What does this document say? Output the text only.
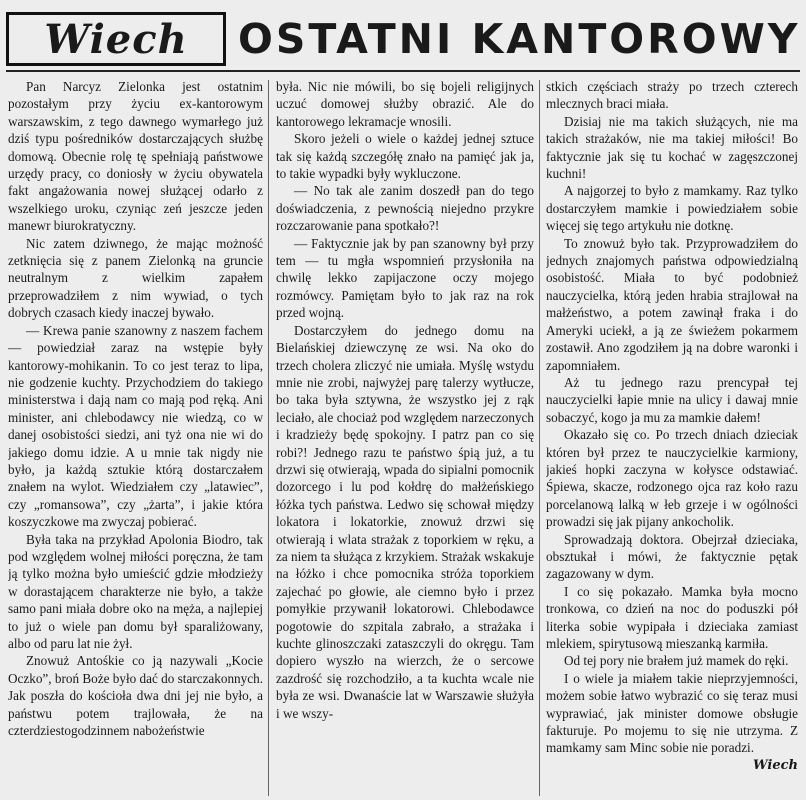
Wiech	OSTATNI KANTOROWY

Pan Narcyz Zielonka jest ostatnim pozostałym przy życiu ex-kantorowym warszawskim, z tego dawnego wymarłego już dziś typu pośredników dostarczających służbę domową. Obecnie rolę tę spełniają państwowe urzędy pracy, co doniosły w życiu obywatela fakt angażowania nowej służącej odarło z wszelkiego uroku, czyniąc zeń jeszcze jeden manewr biurokratyczny.

Nic zatem dziwnego, że mając możność zetknięcia się z panem Zielonką na gruncie neutralnym z wielkim zapałem przeprowadziłem z nim wywiad, o tych dobrych czasach kiedy inaczej bywało.

— Krewa panie szanowny z naszem fachem — powiedział zaraz na wstępie były kantorowy-mohikanin. To co jest teraz to lipa, nie godzenie kuchty. Przychodziem do takiego ministerstwa i dają nam co mają pod ręką. Ani minister, ani chlebodawcy nie wiedzą, co w danej osobistości siedzi, ani tyż ona nie wi do jakiego domu idzie. A u mnie tak nigdy nie było, ja każdą sztukie którą dostarczałem znałem na wylot. Wiedziałem czy „latawiec”, czy „romansowa”, czy „żarta”, i jakie która koszyczkowe ma zwyczaj pobierać.

Była taka na przykład Apolonia Biodro, tak pod względem wolnej miłości poręczna, że tam ją tylko można było umieścić gdzie młodzieży w dorastającem charakterze nie było, a także samo pani miała dobre oko na męża, a najlepiej to już o wiele pan domu był sparaliżowany, albo od paru lat nie żył.

Znowuż Antośkie co ją nazywali „Kocie Oczko”, broń Boże było dać do starczakonnych. Jak poszła do kościoła dwa dni jej nie było, a państwu potem trajlowała, że na czterdziestogodzinnem nabożeństwie

była. Nic nie mówili, bo się bojeli religijnych uczuć domowej służby obrazić. Ale do kantorowego lekramacje wnosili.

Skoro jeżeli o wiele o każdej jednej sztuce tak się każdą szczegółę znało na pamięć jak ja, to takie wypadki były wykluczone.

— No tak ale zanim doszedł pan do tego doświadczenia, z pewnością niejedno przykre rozczarowanie pana spotkało?!

— Faktycznie jak by pan szanowny był przy tem — tu mgła wspomnień przysłoniła na chwilę lekko zapijaczone oczy mojego rozmówcy. Pamiętam było to jak raz na rok przed wojną.

Dostarczyłem do jednego domu na Bielańskiej dziewczynę ze wsi. Na oko do trzech cholera zliczyć nie umiała. Myślę wstydu mnie nie zrobi, najwyżej parę talerzy wytłucze, bo taka była sztywna, że wszystko jej z rąk leciało, ale chociaż pod względem narzeczonych i kradzieży będę spokojny. I patrz pan co się robi?! Jednego razu te państwo śpią już, a tu drzwi się otwierają, wpada do sipialni pomocnik dozorcego i lu pod kołdrę do małżeńskiego łóżka tych państwa. Ledwo się schował między lokatora i lokatorkie, znowuż drzwi się otwierają i wlata strażak z toporkiem w ręku, a za niem ta służąca z krzykiem. Strażak wskakuje na łóżko i chce pomocnika stróża toporkiem zajechać po głowie, ale ciemno było i przez pomyłkie przywanił lokatorowi. Chlebodawce pogotowie do szpitala zabrało, a strażaka i kuchte glinoszczaki zataszczyli do okręgu. Tam dopiero wyszło na wierzch, że o sercowe zazdrość się rozchodziło, a ta kuchta wcale nie była ze wsi. Dwanaście lat w Warszawie służyła i we wszy-

stkich częściach straży po trzech czterech mlecznych braci miała.

Dzisiaj nie ma takich służących, nie ma takich strażaków, nie ma takiej miłości! Bo faktycznie jak się tu kochać w zagęszczonej kuchni!

A najgorzej to było z mamkamy. Raz tylko dostarczyłem mamkie i powiedziałem sobie więcej się tego artykułu nie dotknę.

To znowuż było tak. Przyprowadziłem do jednych znajomych państwa odpowiedzialną osobistość. Miała to być podobnież nauczycielka, którą jeden hrabia strajlował na małżeństwo, a potem zawinął fraka i do Ameryki uciekł, a ją ze świeżem pokarmem zostawił. Ano zgodziłem ją na dobre waronki i zapomniałem.

Aż tu jednego razu prencypał tej nauczycielki łapie mnie na ulicy i dawaj mnie sobaczyć, kogo ja mu za mamkie dałem!

Okazało się co. Po trzech dniach dzieciak któren był przez te nauczycielkie karmiony, jakieś hopki zaczyna w kołysce odstawiać. Śpiewa, skacze, rodzonego ojca raz koło razu porcelanową lalką w łeb grzeje i w ogólności prowadzi się jak pijany ankocholik.

Sprowadzają doktora. Obejrzał dzieciaka, obsztukał i mówi, że faktycznie pętak zagazowany w dym.

I co się pokazało. Mamka była mocno tronkowa, co dzień na noc do poduszki pół literka sobie wypipała i dzieciaka zamiast mlekiem, spirytusową mieszanką karmiła.

Od tej pory nie brałem już mamek do ręki.

I o wiele ja miałem takie nieprzyjemności, możem sobie łatwo wybrazić co się teraz musi wyprawiać, jak minister domowe obsługie fakturuje. Po mojemu to się nie utrzyma. Z mamkamy sam Minc sobie nie poradzi.

Wiech
